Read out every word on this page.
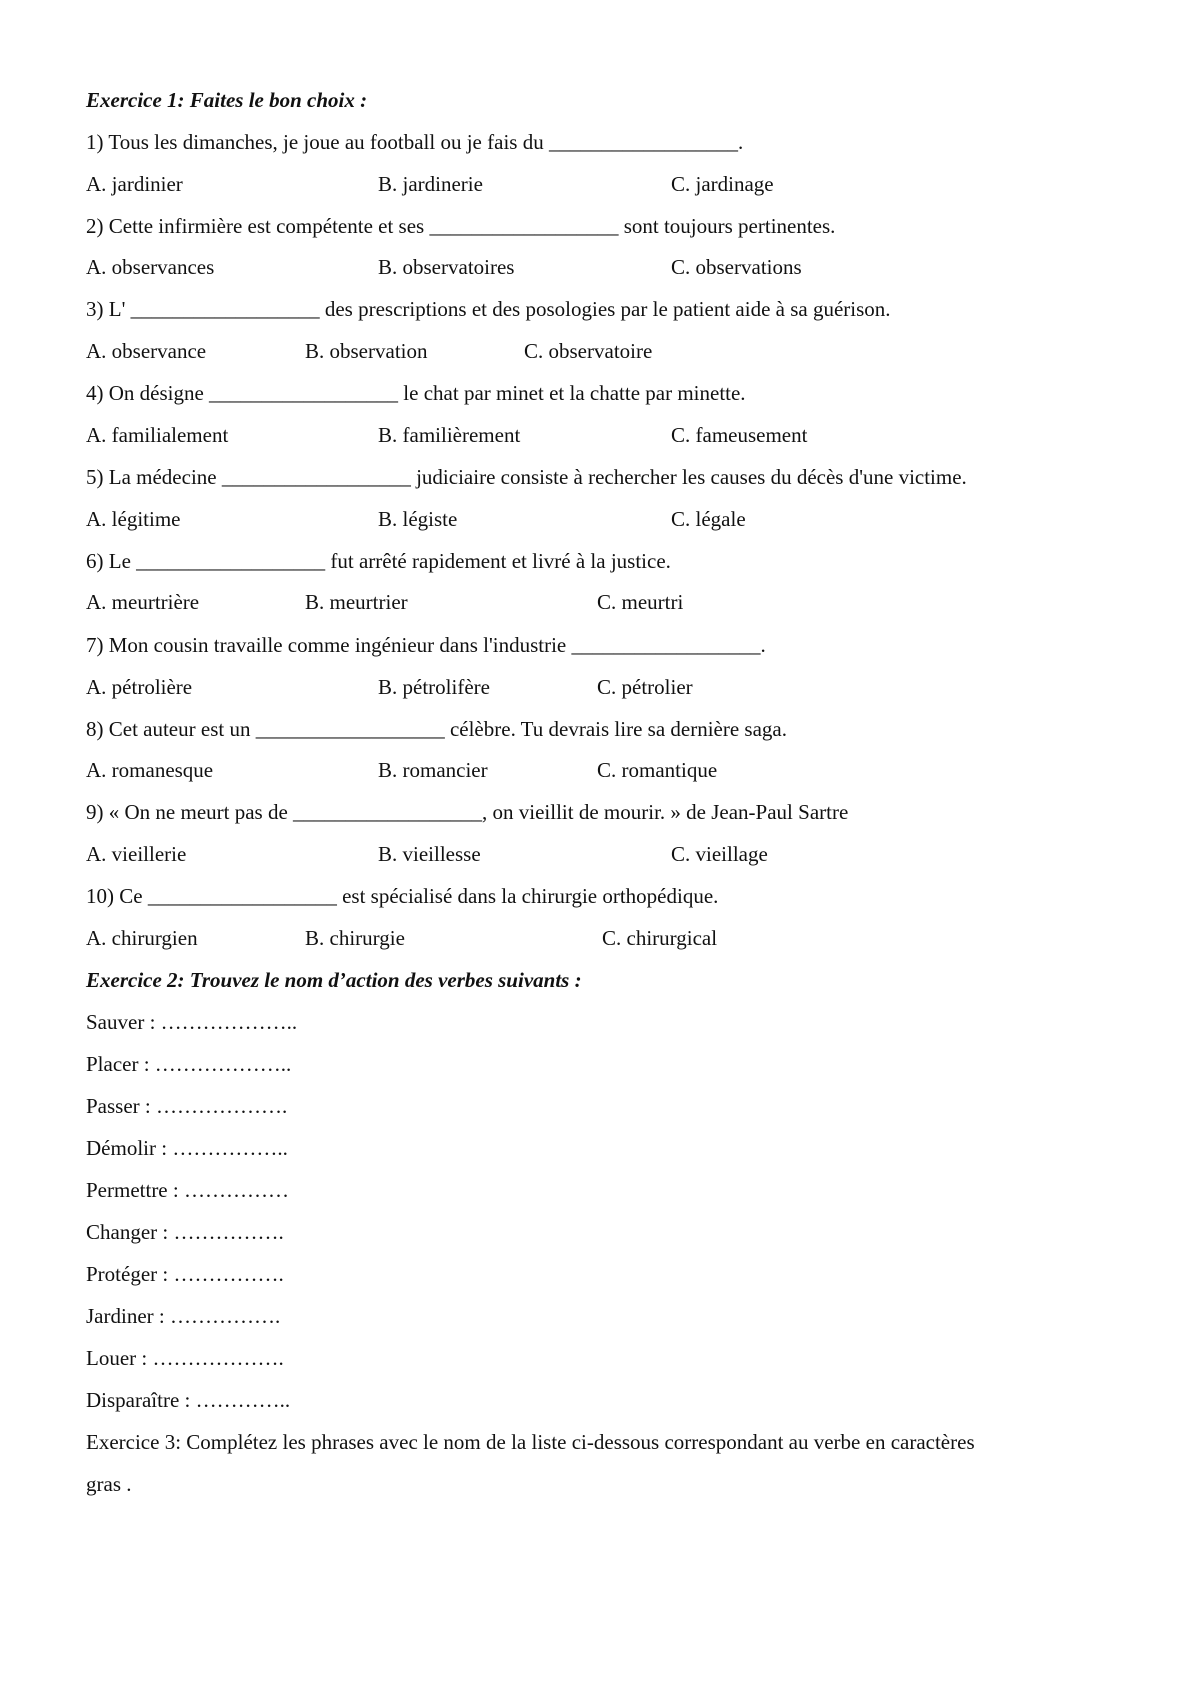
Exercice 1: Faites le bon choix :
1) Tous les dimanches, je joue au football ou je fais du __________________.
A. jardinier	B. jardinerie	C. jardinage
2) Cette infirmière est compétente et ses __________________ sont toujours pertinentes.
A. observances	B. observatoires	C. observations
3) L' __________________ des prescriptions et des posologies par le patient aide à sa guérison.
A. observance	B. observation	C. observatoire
4) On désigne __________________ le chat par minet et la chatte par minette.
A. familialement	B. familièrement	C. fameusement
5) La médecine __________________ judiciaire consiste à rechercher les causes du décès d'une victime.
A. légitime	B. légiste	C. légale
6) Le __________________ fut arrêté rapidement et livré à la justice.
A. meurtrière	B. meurtrier	C. meurtri
7) Mon cousin travaille comme ingénieur dans l'industrie __________________.
A. pétrolière	B. pétrolifère	C. pétrolier
8) Cet auteur est un __________________ célèbre. Tu devrais lire sa dernière saga.
A. romanesque	B. romancier	C. romantique
9) « On ne meurt pas de __________________, on vieillit de mourir. » de Jean-Paul Sartre
A. vieillerie	B. vieillesse	C. vieillage
10) Ce __________________ est spécialisé dans la chirurgie orthopédique.
A. chirurgien	B. chirurgie	C. chirurgical
Exercice 2: Trouvez le nom d’action des verbes suivants :
Sauver : ………………..
Placer : ………………..
Passer : ……………….
Démolir : ……………..
Permettre : ……………
Changer : …………….
Protéger : …………….
Jardiner : …………….
Louer : ……………….
Disparaître : …………..
Exercice 3: Complétez les phrases avec le nom de la liste ci-dessous correspondant au verbe en caractères
gras .
